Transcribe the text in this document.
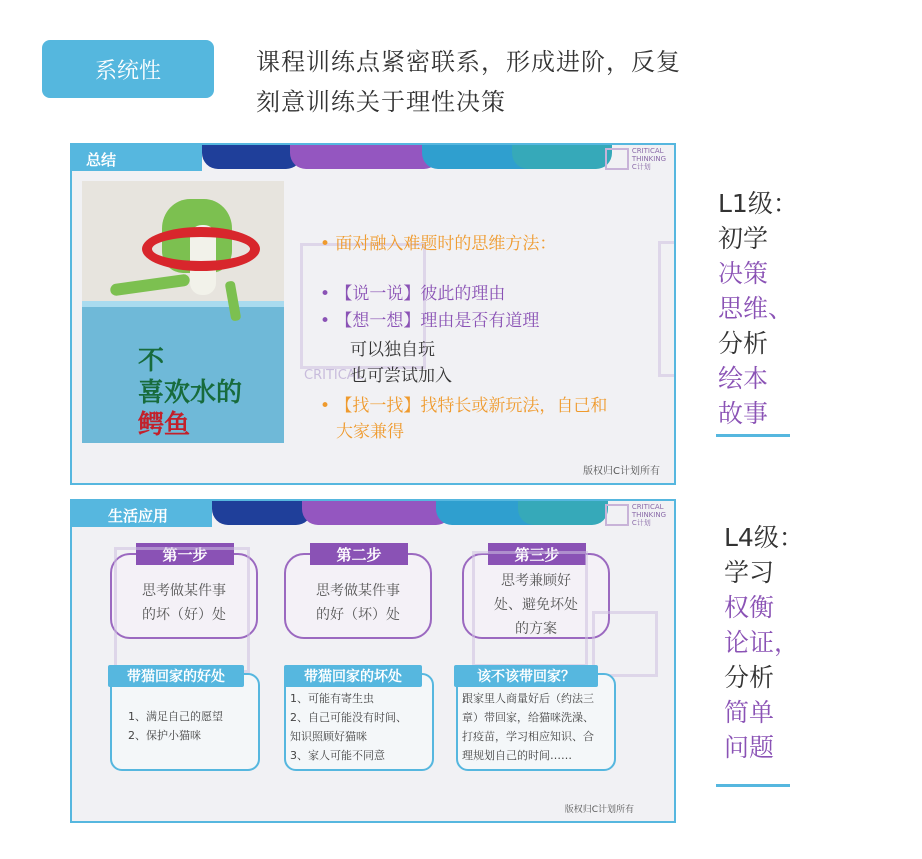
系统性	课程训练点紧密联系，形成进阶，反复
刻意训练关于理性决策
总结	CRITICAL
THINKING
C计划
不
喜欢水的
鳄鱼
CRITICAL
• 面对融入难题时的思维方法：
• 【说一说】彼此的理由
• 【想一想】理由是否有道理
可以独自玩
也可尝试加入
• 【找一找】找特长或新玩法，自己和
大家兼得
版权归C计划所有
生活应用	CRITICAL
THINKING
C计划
第一步
思考做某件事
的坏（好）处
第二步
思考做某件事
的好（坏）处
第三步
思考兼顾好
处、避免坏处
的方案
带猫回家的好处
1、满足自己的愿望
2、保护小猫咪
带猫回家的坏处
1、可能有寄生虫
2、自己可能没有时间、
知识照顾好猫咪
3、家人可能不同意
该不该带回家？
跟家里人商量好后（约法三
章）带回家，给猫咪洗澡、
打疫苗，学习相应知识、合
理规划自己的时间……
版权归C计划所有
L1级：
初学
决策
思维、
分析
绘本
故事
L4级：
学习
权衡
论证，
分析
简单
问题
